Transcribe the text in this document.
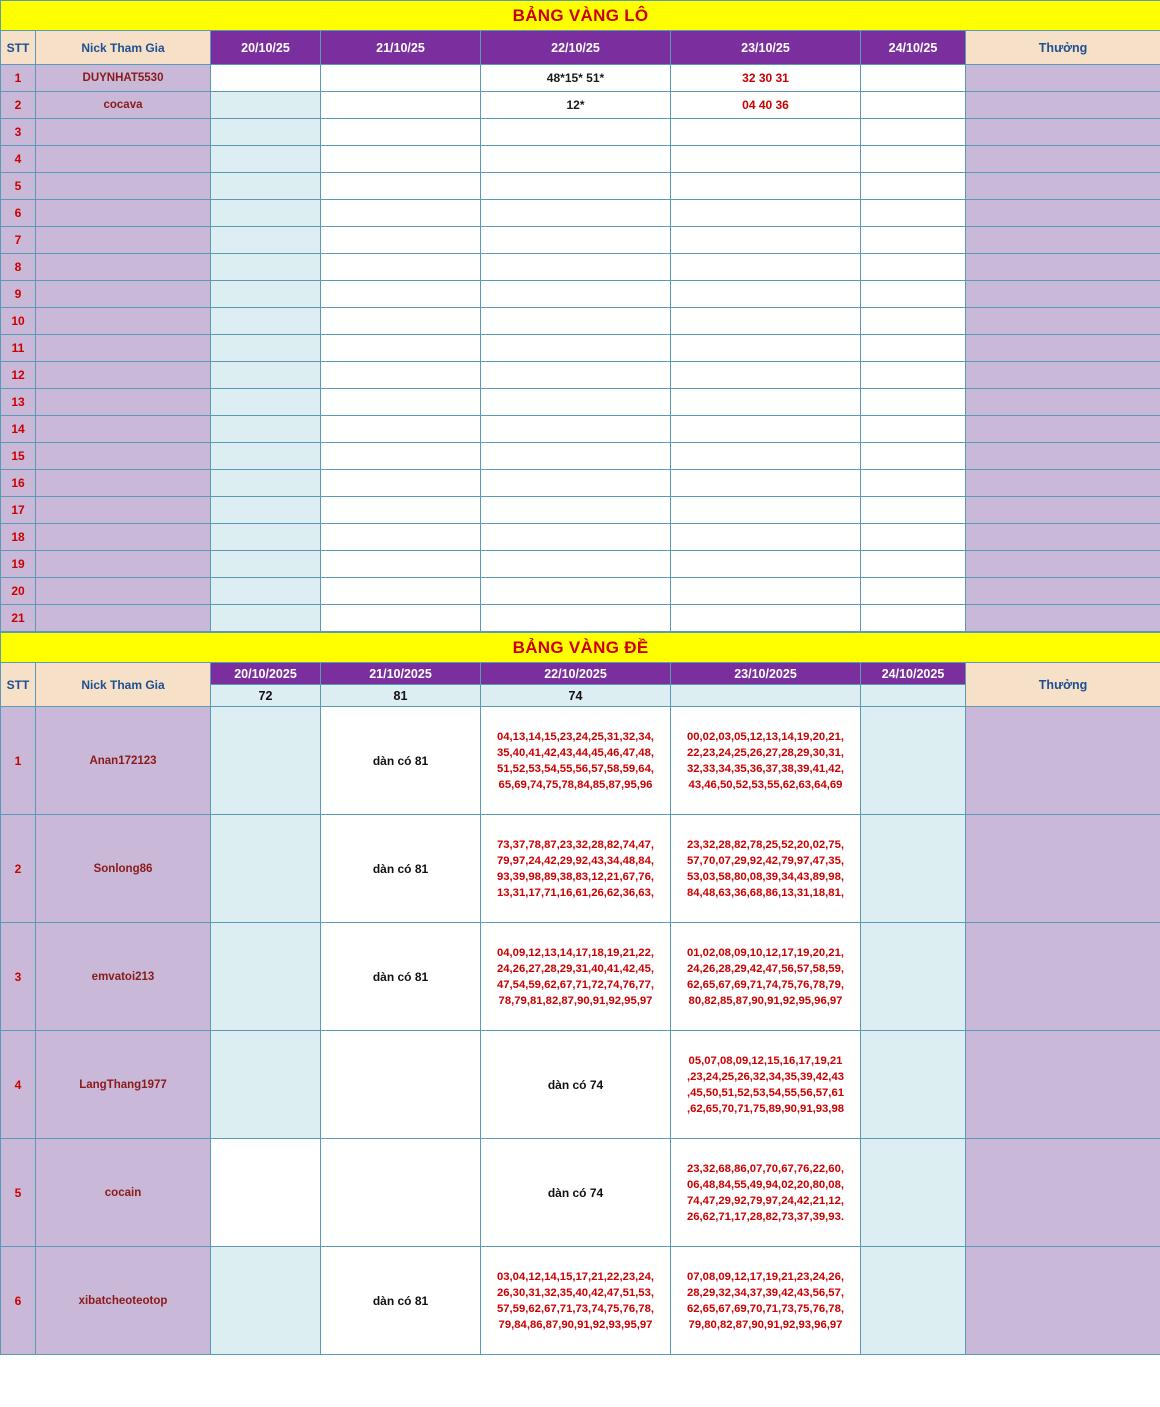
BẢNG VÀNG LÔ							
STT	Nick Tham Gia	20/10/25	21/10/25	22/10/25	23/10/25	24/10/25	Thưởng
1	DUYNHAT5530			48*15* 51*	32 30 31		
2	cocava			12*	04 40 36		
3							
4							
5							
6							
7							
8							
9							
10							
11							
12							
13							
14							
15							
16							
17							
18							
19							
20							
21							
BẢNG VÀNG ĐỀ							
STT	Nick Tham Gia	20/10/2025	21/10/2025	22/10/2025	23/10/2025	24/10/2025	Thưởng
		72	81	74			
1	Anan172123		dàn có 81	04,13,14,15,23,24,25,31,32,34,
35,40,41,42,43,44,45,46,47,48,
51,52,53,54,55,56,57,58,59,64,
65,69,74,75,78,84,85,87,95,96	00,02,03,05,12,13,14,19,20,21,
22,23,24,25,26,27,28,29,30,31,
32,33,34,35,36,37,38,39,41,42,
43,46,50,52,53,55,62,63,64,69		
2	Sonlong86		dàn có 81	73,37,78,87,23,32,28,82,74,47,
79,97,24,42,29,92,43,34,48,84,
93,39,98,89,38,83,12,21,67,76,
13,31,17,71,16,61,26,62,36,63,	23,32,28,82,78,25,52,20,02,75,
57,70,07,29,92,42,79,97,47,35,
53,03,58,80,08,39,34,43,89,98,
84,48,63,36,68,86,13,31,18,81,		
3	emvatoi213		dàn có 81	04,09,12,13,14,17,18,19,21,22,
24,26,27,28,29,31,40,41,42,45,
47,54,59,62,67,71,72,74,76,77,
78,79,81,82,87,90,91,92,95,97	01,02,08,09,10,12,17,19,20,21,
24,26,28,29,42,47,56,57,58,59,
62,65,67,69,71,74,75,76,78,79,
80,82,85,87,90,91,92,95,96,97		
4	LangThang1977			dàn có 74	05,07,08,09,12,15,16,17,19,21
,23,24,25,26,32,34,35,39,42,43
,45,50,51,52,53,54,55,56,57,61
,62,65,70,71,75,89,90,91,93,98		
5	cocain			dàn có 74	23,32,68,86,07,70,67,76,22,60,
06,48,84,55,49,94,02,20,80,08,
74,47,29,92,79,97,24,42,21,12,
26,62,71,17,28,82,73,37,39,93.		
6	xibatcheoteotop		dàn có 81	03,04,12,14,15,17,21,22,23,24,
26,30,31,32,35,40,42,47,51,53,
57,59,62,67,71,73,74,75,76,78,
79,84,86,87,90,91,92,93,95,97	07,08,09,12,17,19,21,23,24,26,
28,29,32,34,37,39,42,43,56,57,
62,65,67,69,70,71,73,75,76,78,
79,80,82,87,90,91,92,93,96,97		
